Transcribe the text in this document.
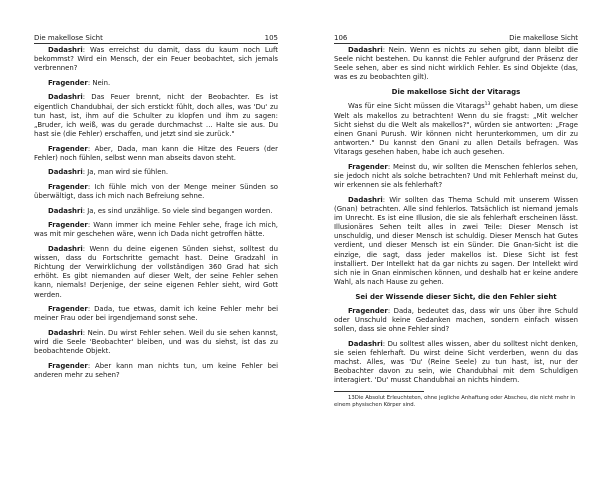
Die makellose Sicht	105

Dadashri: Was erreichst du damit, dass du kaum noch Luft bekommst? Wird ein Mensch, der ein Feuer beobachtet, sich jemals verbrennen?

Fragender: Nein.

Dadashri: Das Feuer brennt, nicht der Beobachter. Es ist eigentlich Chandubhai, der sich erstickt fühlt, doch alles, was 'Du' zu tun hast, ist, ihm auf die Schulter zu klopfen und ihm zu sagen: „Bruder, ich weiß, was du gerade durchmachst … Halte sie aus. Du hast sie (die Fehler) erschaffen, und jetzt sind sie zurück."

Fragender: Aber, Dada, man kann die Hitze des Feuers (der Fehler) noch fühlen, selbst wenn man abseits davon steht.

Dadashri: Ja, man wird sie fühlen.

Fragender: Ich fühle mich von der Menge meiner Sünden so überwältigt, dass ich mich nach Befreiung sehne.

Dadashri: Ja, es sind unzählige. So viele sind begangen worden.

Fragender: Wann immer ich meine Fehler sehe, frage ich mich, was mit mir geschehen wäre, wenn ich Dada nicht getroffen hätte.

Dadashri: Wenn du deine eigenen Sünden siehst, solltest du wissen, dass du Fortschritte gemacht hast. Deine Gradzahl in Richtung der Verwirklichung der vollständigen 360 Grad hat sich erhöht. Es gibt niemanden auf dieser Welt, der seine Fehler sehen kann, niemals! Derjenige, der seine eigenen Fehler sieht, wird Gott werden.

Fragender: Dada, tue etwas, damit ich keine Fehler mehr bei meiner Frau oder bei irgendjemand sonst sehe.

Dadashri: Nein. Du wirst Fehler sehen. Weil du sie sehen kannst, wird die Seele 'Beobachter' bleiben, und was du siehst, ist das zu beobachtende Objekt.

Fragender: Aber kann man nichts tun, um keine Fehler bei anderen mehr zu sehen?

106	Die makellose Sicht

Dadashri: Nein. Wenn es nichts zu sehen gibt, dann bleibt die Seele nicht bestehen. Du kannst die Fehler aufgrund der Präsenz der Seele sehen, aber es sind nicht wirklich Fehler. Es sind Objekte (das, was es zu beobachten gilt).

Die makellose Sicht der Vitarags

Was für eine Sicht müssen die Vitarags$^{13}$ gehabt haben, um diese Welt als makellos zu betrachten! Wenn du sie fragst: „Mit welcher Sicht siehst du die Welt als makellos?", würden sie antworten: „Frage einen Gnani Purush. Wir können nicht herunterkommen, um dir zu antworten." Du kannst den Gnani zu allen Details befragen. Was Vitarags gesehen haben, habe ich auch gesehen.

Fragender: Meinst du, wir sollten die Menschen fehlerlos sehen, sie jedoch nicht als solche betrachten? Und mit Fehlerhaft meinst du, wir erkennen sie als fehlerhaft?

Dadashri: Wir sollten das Thema Schuld mit unserem Wissen (Gnan) betrachten. Alle sind fehlerlos. Tatsächlich ist niemand jemals im Unrecht. Es ist eine Illusion, die sie als fehlerhaft erscheinen lässt. Illusionäres Sehen teilt alles in zwei Teile: Dieser Mensch ist unschuldig, und dieser Mensch ist schuldig. Dieser Mensch hat Gutes verdient, und dieser Mensch ist ein Sünder. Die Gnan-Sicht ist die einzige, die sagt, dass jeder makellos ist. Diese Sicht ist fest installiert. Der Intellekt hat da gar nichts zu sagen. Der Intellekt wird sich nie in Gnan einmischen können, und deshalb hat er keine andere Wahl, als nach Hause zu gehen.

Sei der Wissende dieser Sicht, die den Fehler sieht

Fragender: Dada, bedeutet das, dass wir uns über ihre Schuld oder Unschuld keine Gedanken machen, sondern einfach wissen sollen, dass sie ohne Fehler sind?

Dadashri: Du solltest alles wissen, aber du solltest nicht denken, sie seien fehlerhaft. Du wirst deine Sicht verderben, wenn du das machst. Alles, was 'Du' (Reine Seele) zu tun hast, ist, nur der Beobachter davon zu sein, wie Chandubhai mit dem Schuldigen interagiert. 'Du' musst Chandubhai an nichts hindern.

13Die Absolut Erleuchteten, ohne jegliche Anhaftung oder Abscheu, die nicht mehr in einem physischen Körper sind.
